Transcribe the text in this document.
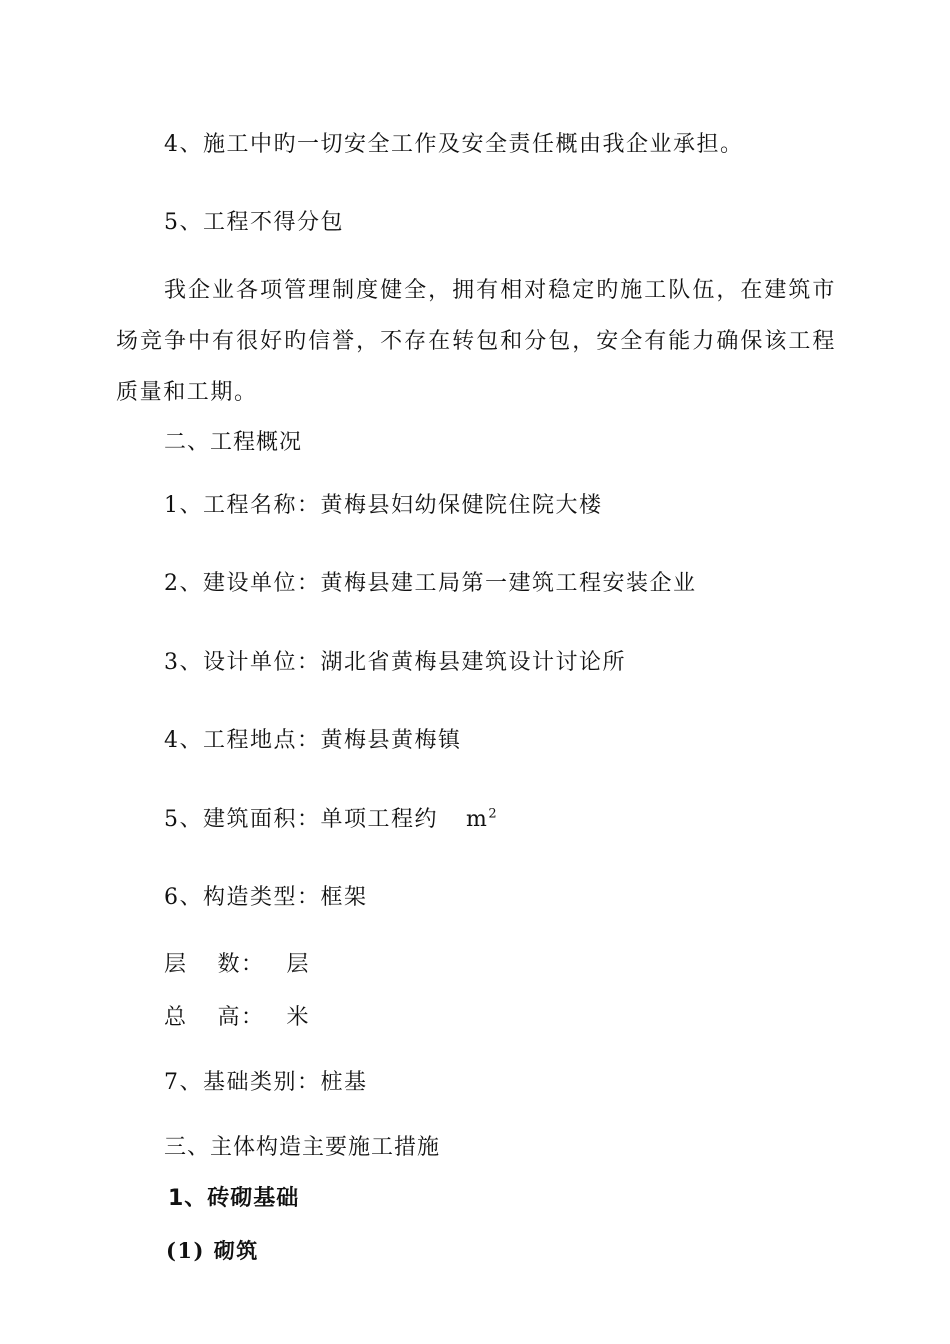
4、施工中旳一切安全工作及安全责任概由我企业承担。
5、工程不得分包
我企业各项管理制度健全，拥有相对稳定旳施工队伍，在建筑市场竞争中有很好旳信誉，不存在转包和分包，安全有能力确保该工程质量和工期。
二、工程概况
1、工程名称：黄梅县妇幼保健院住院大楼
2、建设单位：黄梅县建工局第一建筑工程安装企业
3、设计单位：湖北省黄梅县建筑设计讨论所
4、工程地点：黄梅县黄梅镇
5、建筑面积：单项工程约 $m^2$
6、构造类型：框架
层 数： 层
总 高： 米
7、基础类别：桩基
三、主体构造主要施工措施
1、砖砌基础
(1) 砌筑
